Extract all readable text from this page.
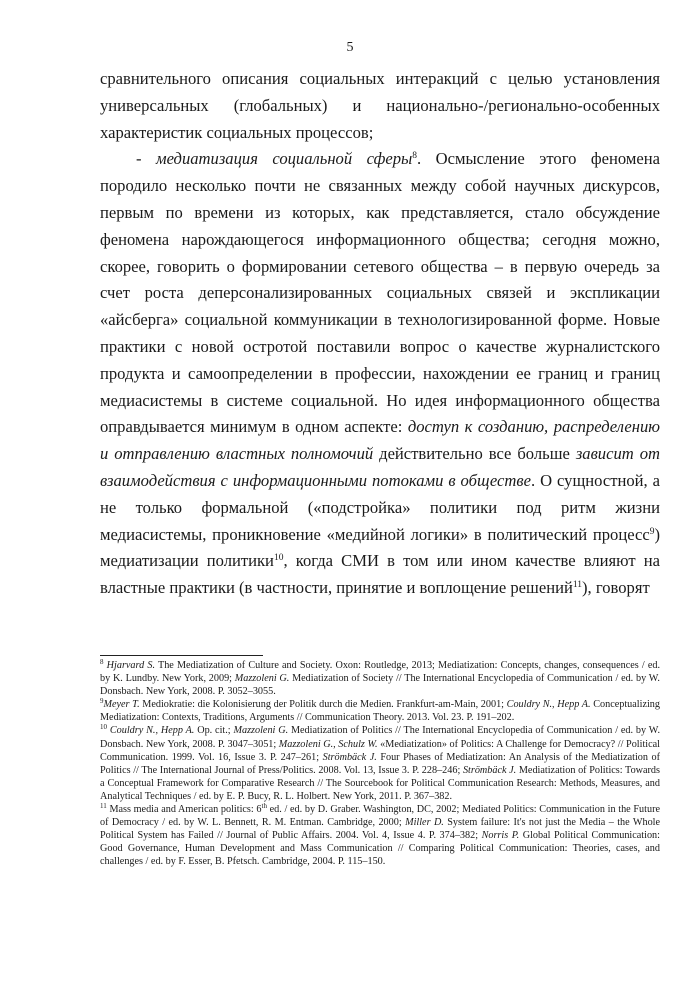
5

сравнительного описания социальных интеракций с целью установления универсальных (глобальных) и национально-/регионально-особенных характеристик социальных процессов;

- медиатизация социальной сферы$^8$. Осмысление этого феномена породило несколько почти не связанных между собой научных дискурсов, первым по времени из которых, как представляется, стало обсуждение феномена нарождающегося информационного общества; сегодня можно, скорее, говорить о формировании сетевого общества – в первую очередь за счет роста деперсонализированных социальных связей и экспликации «айсберга» социальной коммуникации в технологизированной форме. Новые практики с новой остротой поставили вопрос о качестве журналистского продукта и самоопределении в профессии, нахождении ее границ и границ медиасистемы в системе социальной. Но идея информационного общества оправдывается минимум в одном аспекте: доступ к созданию, распределению и отправлению властных полномочий действительно все больше зависит от взаимодействия с информационными потоками в обществе. О сущностной, а не только формальной («подстройка» политики под ритм жизни медиасистемы, проникновение «медийной логики» в политический процесс$^9$) медиатизации политики$^{10}$, когда СМИ в том или ином качестве влияют на властные практики (в частности, принятие и воплощение решений$^{11}$), говорят

$^8$ Hjarvard S. The Mediatization of Culture and Society. Oxon: Routledge, 2013; Mediatization: Concepts, changes, consequences / ed. by K. Lundby. New York, 2009; Mazzoleni G. Mediatization of Society // The International Encyclopedia of Communication / ed. by W. Donsbach. New York, 2008. P. 3052–3055.

$^9$Meyer T. Mediokratie: die Kolonisierung der Politik durch die Medien. Frankfurt-am-Main, 2001; Couldry N., Hepp A. Conceptualizing Mediatization: Contexts, Traditions, Arguments // Communication Theory. 2013. Vol. 23. P. 191–202.

$^{10}$ Couldry N., Hepp A. Op. cit.; Mazzoleni G. Mediatization of Politics // The International Encyclopedia of Communication / ed. by W. Donsbach. New York, 2008. P. 3047–3051; Mazzoleni G., Schulz W. «Mediatization» of Politics: A Challenge for Democracy? // Political Communication. 1999. Vol. 16, Issue 3. P. 247–261; Strömbäck J. Four Phases of Mediatization: An Analysis of the Mediatization of Politics // The International Journal of Press/Politics. 2008. Vol. 13, Issue 3. P. 228–246; Strömbäck J. Mediatization of Politics: Towards a Conceptual Framework for Comparative Research // The Sourcebook for Political Communication Research: Methods, Measures, and Analytical Techniques / ed. by E. P. Bucy, R. L. Holbert. New York, 2011. P. 367–382.

$^{11}$ Mass media and American politics: 6th ed. / ed. by D. Graber. Washington, DC, 2002; Mediated Politics: Communication in the Future of Democracy / ed. by W. L. Bennett, R. M. Entman. Cambridge, 2000; Miller D. System failure: It's not just the Media – the Whole Political System has Failed // Journal of Public Affairs. 2004. Vol. 4, Issue 4. P. 374–382; Norris P. Global Political Communication: Good Governance, Human Development and Mass Communication // Comparing Political Communication: Theories, cases, and challenges / ed. by F. Esser, B. Pfetsch. Cambridge, 2004. P. 115–150.
